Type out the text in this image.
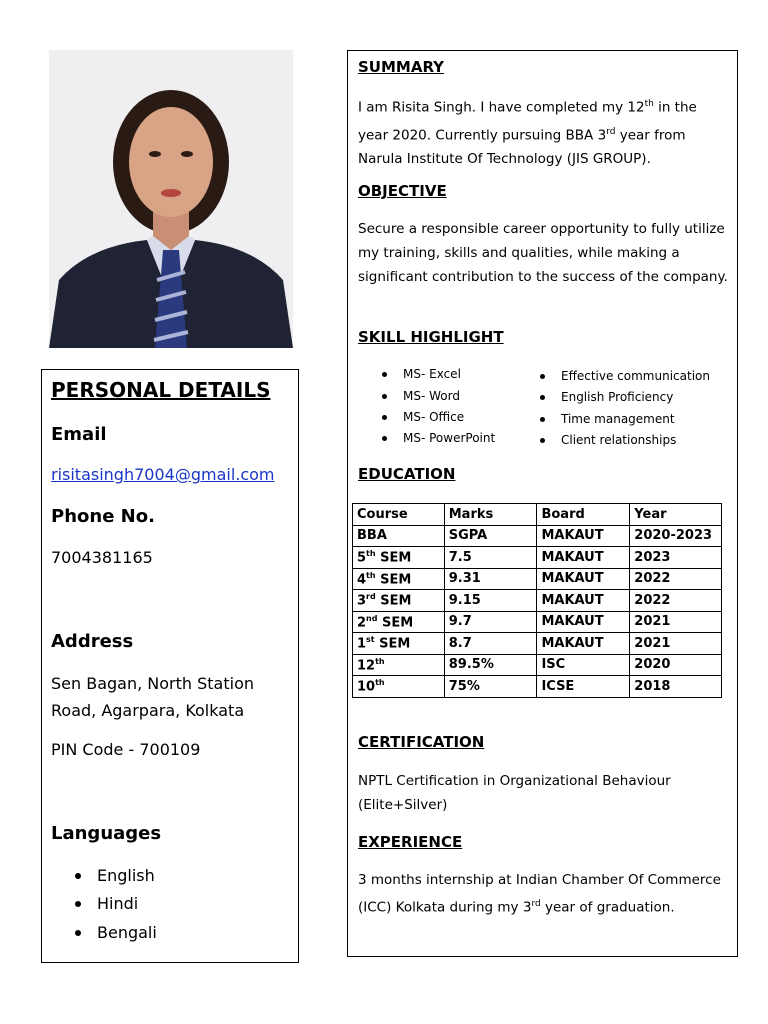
PERSONAL DETAILS
Email
risitasingh7004@gmail.com
Phone No.
7004381165
Address
Sen Bagan, North Station
Road, Agarpara, Kolkata
PIN Code - 700109
Languages
English
Hindi
Bengali
SUMMARY
I am Risita Singh. I have completed my 12th in the year 2020. Currently pursuing BBA 3rd year from Narula Institute Of Technology (JIS GROUP).
OBJECTIVE
Secure a responsible career opportunity to fully utilize my training, skills and qualities, while making a significant contribution to the success of the company.
SKILL HIGHLIGHT
MS- Excel
MS- Word
MS- Office
MS- PowerPoint
Effective communication
English Proficiency
Time management
Client relationships
EDUCATION
Course	Marks	Board	Year
BBA	SGPA	MAKAUT	2020-2023
5th SEM	7.5	MAKAUT	2023
4th SEM	9.31	MAKAUT	2022
3rd SEM	9.15	MAKAUT	2022
2nd SEM	9.7	MAKAUT	2021
1st SEM	8.7	MAKAUT	2021
12th	89.5%	ISC	2020
10th	75%	ICSE	2018
CERTIFICATION
NPTL Certification in Organizational Behaviour (Elite+Silver)
EXPERIENCE
3 months internship at Indian Chamber Of Commerce (ICC) Kolkata during my 3rd year of graduation.
